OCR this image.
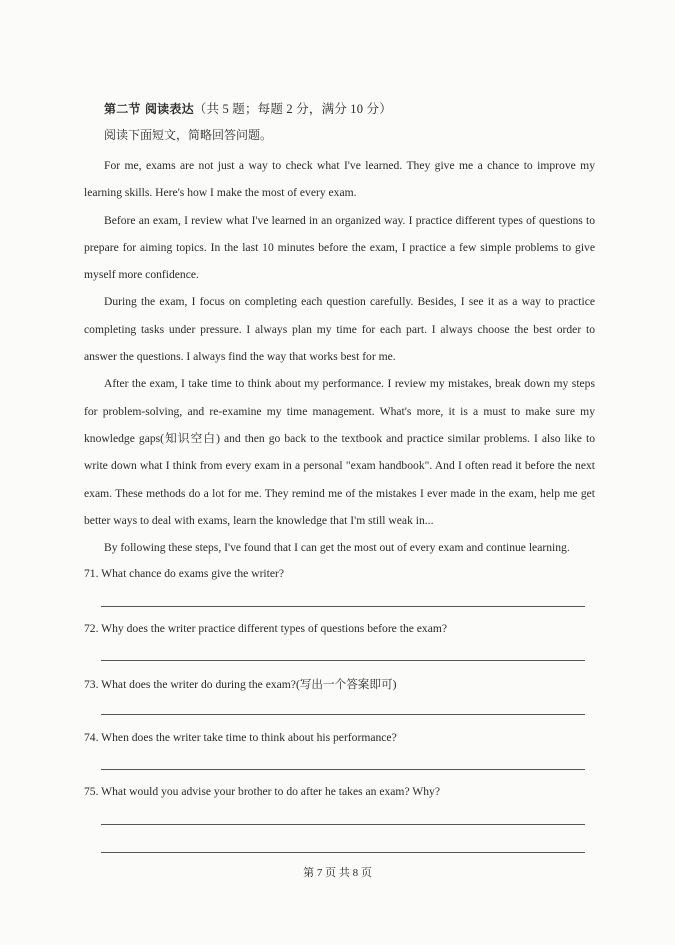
第二节 阅读表达（共 5 题；每题 2 分，满分 10 分）
阅读下面短文，简略回答问题。

For me, exams are not just a way to check what I've learned. They give me a chance to improve my learning skills. Here's how I make the most of every exam.

Before an exam, I review what I've learned in an organized way. I practice different types of questions to prepare for aiming topics. In the last 10 minutes before the exam, I practice a few simple problems to give myself more confidence.

During the exam, I focus on completing each question carefully. Besides, I see it as a way to practice completing tasks under pressure. I always plan my time for each part. I always choose the best order to answer the questions. I always find the way that works best for me.

After the exam, I take time to think about my performance. I review my mistakes, break down my steps for problem-solving, and re-examine my time management. What's more, it is a must to make sure my knowledge gaps(知识空白) and then go back to the textbook and practice similar problems. I also like to write down what I think from every exam in a personal "exam handbook". And I often read it before the next exam. These methods do a lot for me. They remind me of the mistakes I ever made in the exam, help me get better ways to deal with exams, learn the knowledge that I'm still weak in...

By following these steps, I've found that I can get the most out of every exam and continue learning.

71. What chance do exams give the writer?
72. Why does the writer practice different types of questions before the exam?
73. What does the writer do during the exam?(写出一个答案即可)
74. When does the writer take time to think about his performance?
75. What would you advise your brother to do after he takes an exam? Why?
第 7 页 共 8 页
